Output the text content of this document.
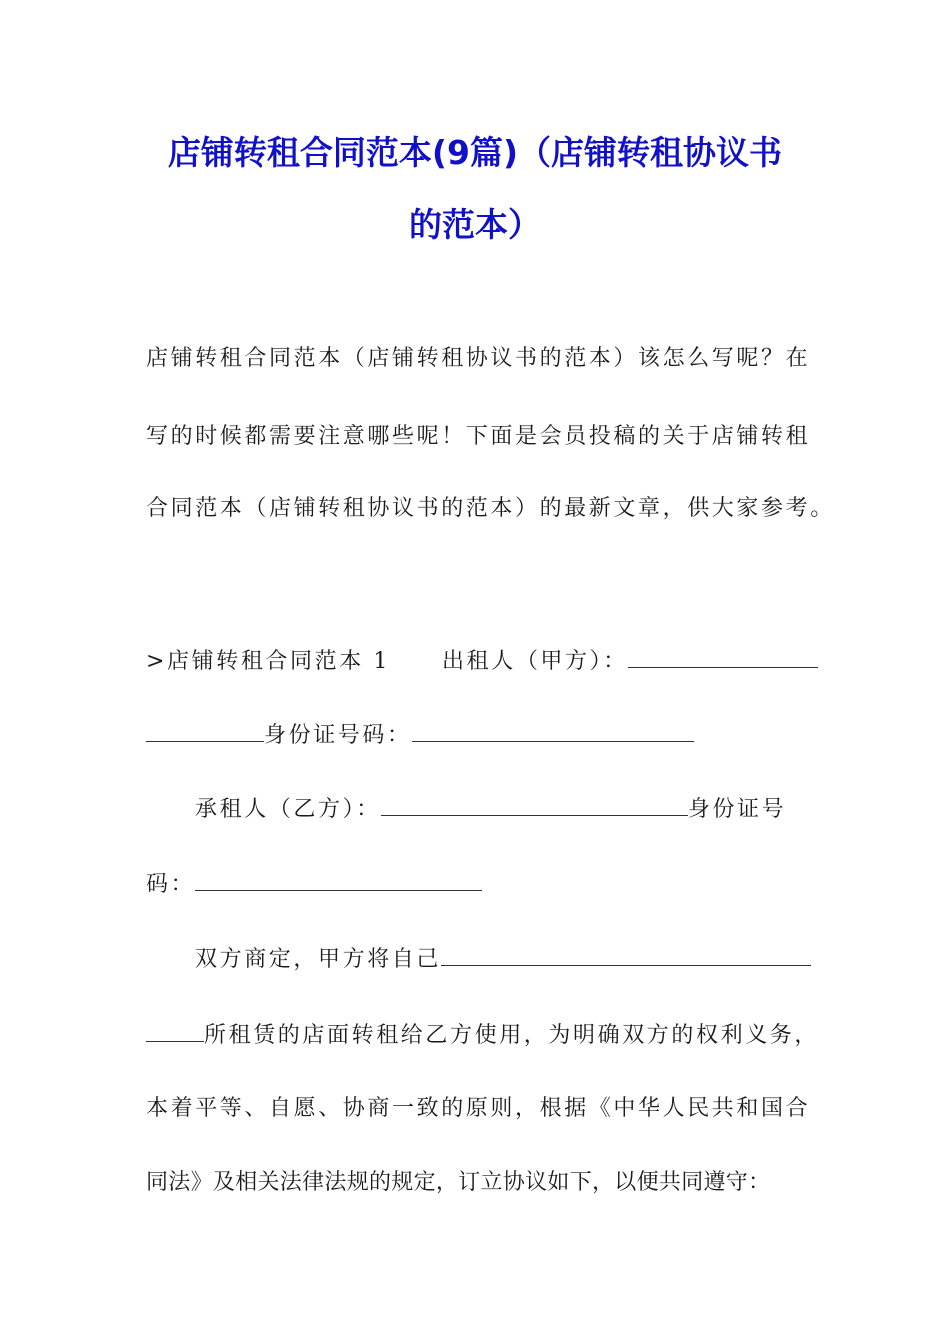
店铺转租合同范本(9篇)（店铺转租协议书
的范本）
店铺转租合同范本（店铺转租协议书的范本）该怎么写呢？在
写的时候都需要注意哪些呢！下面是会员投稿的关于店铺转租
合同范本（店铺转租协议书的范本）的最新文章，供大家参考。
>店铺转租合同范本 1 出租人（甲方）：
身份证号码：
承租人（乙方）：	身份证号
码：
双方商定，甲方将自己
所租赁的店面转租给乙方使用，为明确双方的权利义务，
本着平等、自愿、协商一致的原则，根据《中华人民共和国合
同法》及相关法律法规的规定，订立协议如下，以便共同遵守：
